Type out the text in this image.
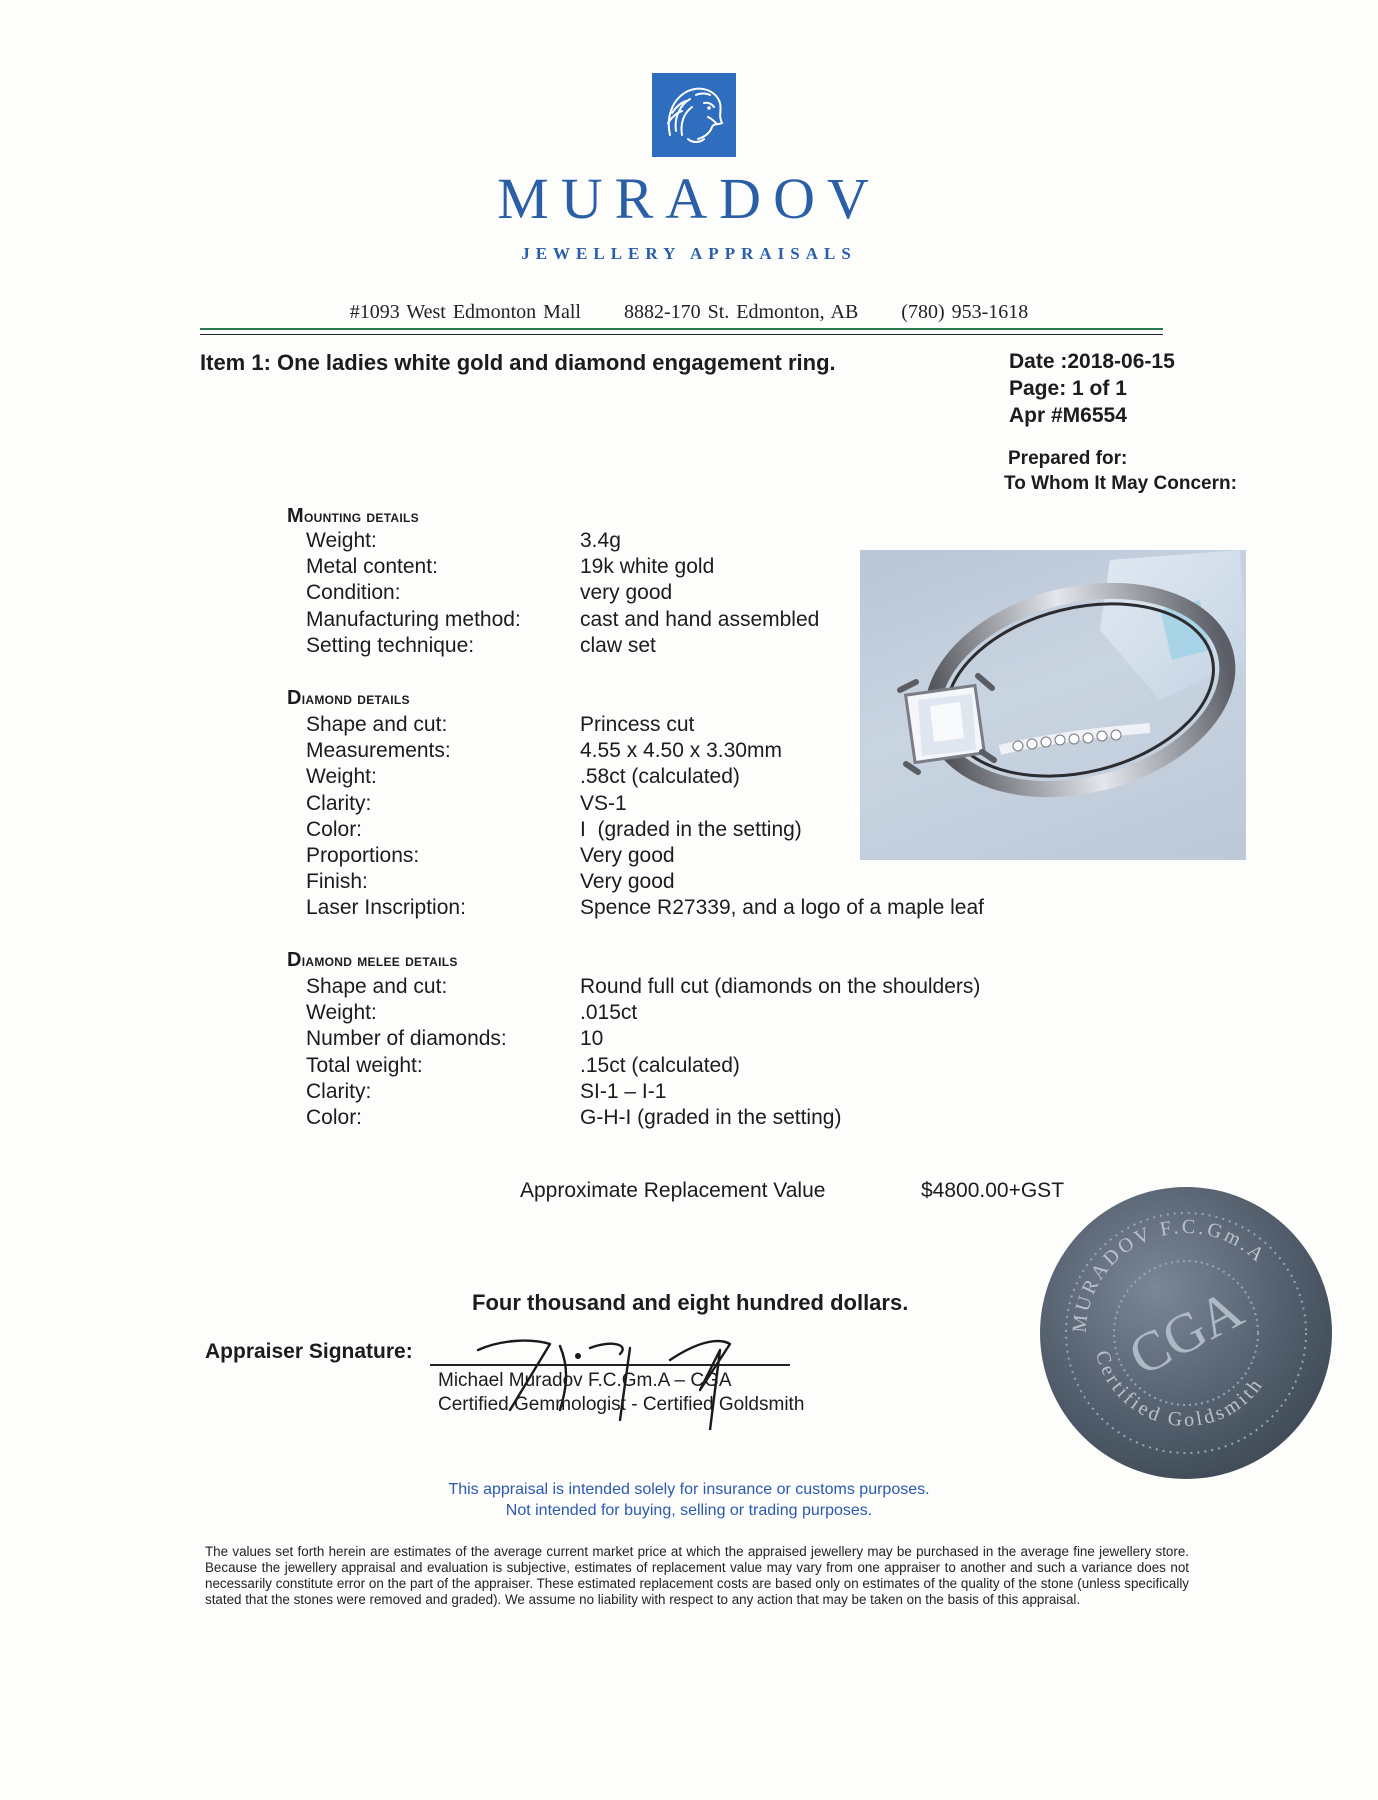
MURADOV
JEWELLERY APPRAISALS
#1093 West Edmonton Mall 8882-170 St. Edmonton, AB (780) 953-1618
Item 1: One ladies white gold and diamond engagement ring.	Date :2018-06-15
Page: 1 of 1
Apr #M6554
Prepared for:
To Whom It May Concern:
Mounting details
Weight:
Metal content:
Condition:
Manufacturing method:
Setting technique:
3.4g
19k white gold
very good
cast and hand assembled
claw set
Diamond details
Shape and cut:
Measurements:
Weight:
Clarity:
Color:
Proportions:
Finish:
Laser Inscription:
Princess cut
4.55 x 4.50 x 3.30mm
.58ct (calculated)
VS-1
I  (graded in the setting)
Very good
Very good
Spence R27339, and a logo of a maple leaf
Diamond melee details
Shape and cut:
Weight:
Number of diamonds:
Total weight:
Clarity:
Color:
Round full cut (diamonds on the shoulders)
.015ct
10
.15ct (calculated)
SI-1 – I-1
G-H-I (graded in the setting)
Approximate Replacement Value	$4800.00+GST
Four thousand and eight hundred dollars.
MURADOV F.C.Gm.A
Certified Goldsmith
CGA
Appraiser Signature:
Michael Muradov F.C.Gm.A – CGA
Certified Gemmologist - Certified Goldsmith
This appraisal is intended solely for insurance or customs purposes.
Not intended for buying, selling or trading purposes.
The values set forth herein are estimates of the average current market price at which the appraised jewellery may be purchased in the average fine jewellery store. Because the jewellery appraisal and evaluation is subjective, estimates of replacement value may vary from one appraiser to another and such a variance does not necessarily constitute error on the part of the appraiser. These estimated replacement costs are based only on estimates of the quality of the stone (unless specifically stated that the stones were removed and graded). We assume no liability with respect to any action that may be taken on the basis of this appraisal.
